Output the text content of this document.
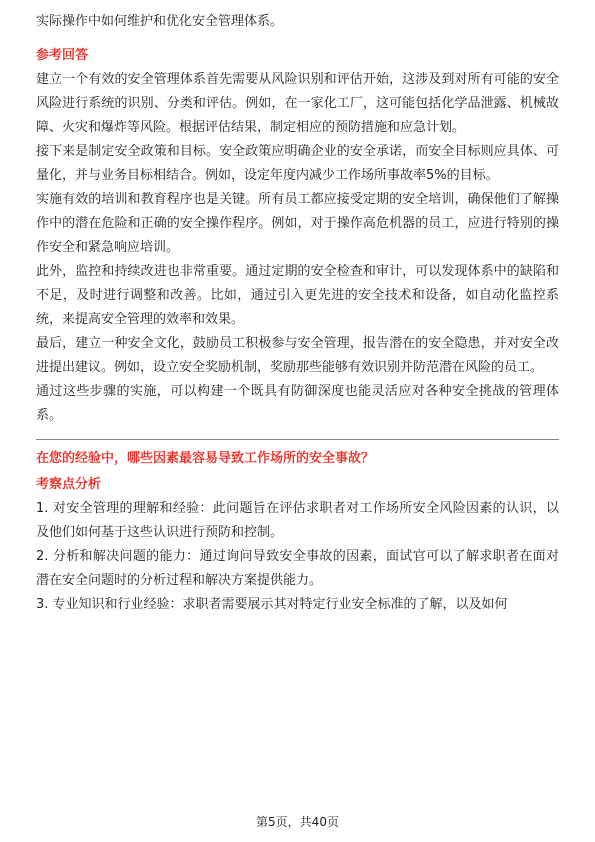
实际操作中如何维护和优化安全管理体系。

参考回答

建立一个有效的安全管理体系首先需要从风险识别和评估开始，这涉及到对所有可能的安全风险进行系统的识别、分类和评估。例如，在一家化工厂，这可能包括化学品泄露、机械故障、火灾和爆炸等风险。根据评估结果，制定相应的预防措施和应急计划。

接下来是制定安全政策和目标。安全政策应明确企业的安全承诺，而安全目标则应具体、可量化，并与业务目标相结合。例如，设定年度内减少工作场所事故率5%的目标。

实施有效的培训和教育程序也是关键。所有员工都应接受定期的安全培训，确保他们了解操作中的潜在危险和正确的安全操作程序。例如，对于操作高危机器的员工，应进行特别的操作安全和紧急响应培训。

此外，监控和持续改进也非常重要。通过定期的安全检查和审计，可以发现体系中的缺陷和不足，及时进行调整和改善。比如，通过引入更先进的安全技术和设备，如自动化监控系统，来提高安全管理的效率和效果。

最后，建立一种安全文化，鼓励员工积极参与安全管理，报告潜在的安全隐患，并对安全改进提出建议。例如，设立安全奖励机制，奖励那些能够有效识别并防范潜在风险的员工。

通过这些步骤的实施，可以构建一个既具有防御深度也能灵活应对各种安全挑战的管理体系。

在您的经验中，哪些因素最容易导致工作场所的安全事故？

考察点分析

1. 对安全管理的理解和经验：此问题旨在评估求职者对工作场所安全风险因素的认识，以及他们如何基于这些认识进行预防和控制。

2. 分析和解决问题的能力：通过询问导致安全事故的因素，面试官可以了解求职者在面对潜在安全问题时的分析过程和解决方案提供能力。

3. 专业知识和行业经验：求职者需要展示其对特定行业安全标准的了解，以及如何

第5页，共40页
